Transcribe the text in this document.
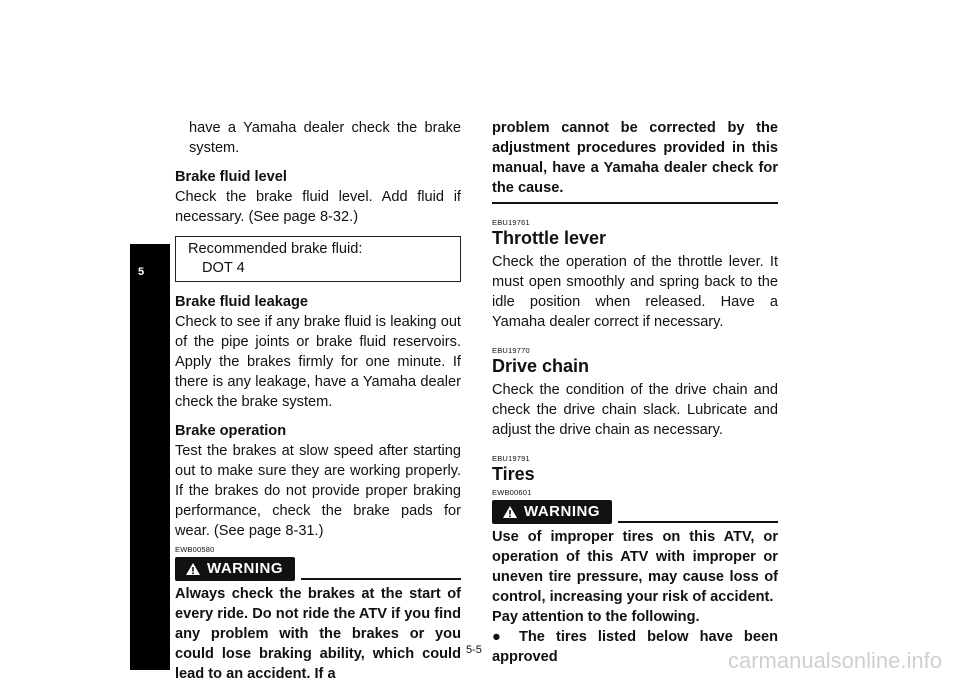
5

have a Yamaha dealer check the brake system.

Brake fluid level

Check the brake fluid level. Add fluid if necessary. (See page 8-32.)

Recommended brake fluid:
DOT 4

Brake fluid leakage

Check to see if any brake fluid is leaking out of the pipe joints or brake fluid reservoirs. Apply the brakes firmly for one minute. If there is any leakage, have a Yamaha dealer check the brake system.

Brake operation

Test the brakes at slow speed after starting out to make sure they are working properly. If the brakes do not provide proper braking performance, check the brake pads for wear. (See page 8-31.)

EWB00580
WARNING

Always check the brakes at the start of every ride. Do not ride the ATV if you find any problem with the brakes or you could lose braking ability, which could lead to an accident. If a

problem cannot be corrected by the adjustment procedures provided in this manual, have a Yamaha dealer check for the cause.

EBU19761

Throttle lever

Check the operation of the throttle lever. It must open smoothly and spring back to the idle position when released. Have a Yamaha dealer correct if necessary.

EBU19770

Drive chain

Check the condition of the drive chain and check the drive chain slack. Lubricate and adjust the drive chain as necessary.

EBU19791

Tires

EWB00601
WARNING

Use of improper tires on this ATV, or operation of this ATV with improper or uneven tire pressure, may cause loss of control, increasing your risk of accident.

Pay attention to the following.

● The tires listed below have been approved

5-5	carmanualsonline.info
